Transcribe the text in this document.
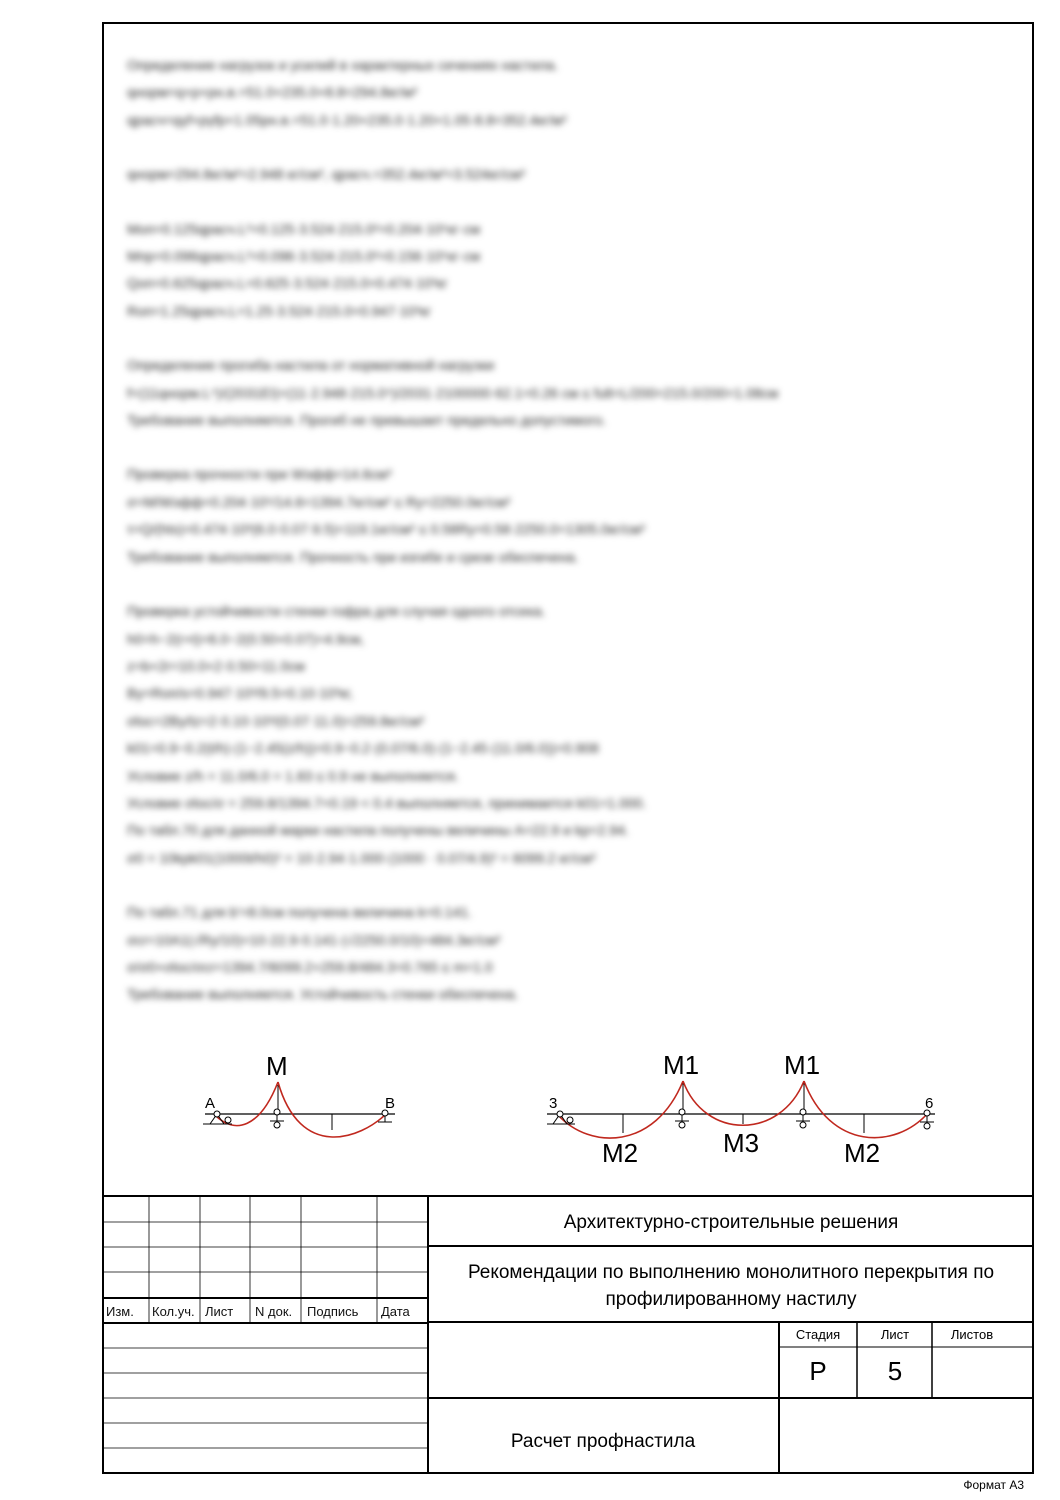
Определение нагрузок и усилий в характерных сечениях настила.
qнорм=q+p+pн.в.=51.0+235.0+8.8=294.8кг/м²
qрасч=qγf+pγfp+1.05pн.в.=51.0·1.20+235.0·1.20+1.05·8.8=352.4кг/м²
qнорм=294.8кг/м²=2.948 кг/см², qрасч.=352.4кг/м²=3.524кг/см²
Mоп=0.125qрасч.L²=0.125·3.524·215.0²=0.204·10⁵кг·см
Mпр=0.096qрасч.L²=0.096·3.524·215.0²=0.156·10⁵кг·см
Qоп=0.625qрасч.L=0.625·3.524·215.0=0.474·10³кг
Rоп=1.25qрасч.L=1.25·3.524·215.0=0.947·10³кг
Определение прогиба настила от нормативной нагрузки
f=(11qнорм.L⁴)/(2031EI)=(11·2.948·215.0⁴)/2031·2100000·62.1=0.26 см ≤ fult=L/200=215.0/200=1.08см
Требование выполняется. Прогиб не превышает предельно допустимого.
Проверка прочности при Wэфф=14.6см³
σ=M/Wэфф=0.204·10⁵/14.6=1394.7кг/см² ≤ Ry=2250.0кг/см²
τ=Q/(hts)=0.474·10³(6.0·0.07·9.5)=119.1кг/см² ≤ 0.58Ry=0.58·2250.0=1305.0кг/см²
Требование выполняется. Прочность при изгибе и срезе обеспечена.
Проверка устойчивости стенки гофра для случая одного отсека.
h0=h−2(r+t)=6.0−2(0.50+0.07)=4.9см,
z=b+2r=10.0+2·0.50=11.0см
By=Rоп/s=0.947·10³/9.5=0.10·10³кг,
σloc=2By/tz=2·0.10·10³/(0.07·11.0)=259.8кг/см²
k01=0.9−0.2(t/h)·(1−2.45(z/h))=0.9−0.2·(0.07/6.0)·(1−2.45·(11.0/6.0))=0.908
Условие z/h = 11.0/6.0 = 1.83 ≤ 0.9 не выполняется.
Условие σloc/σ = 259.8/1394.7=0.19 < 0.4 выполняется, принимается k01=1.000.
По табл.70 для данной марки настила получены величины A=22.9 и kp=2.94.
σ0 = 10kpk01(1000t/h0)² = 10·2.94·1.000·(1000 · 0.07/4.9)² = 6099.2 кг/см²
По табл.71 для b'=8.0см получена величина k=0.141.
σcr=10A1(√Ry/10)=10·22.9·0.141·(√2250.0/10)=484.3кг/см²
σ/σ0+σloc/σcr=1394.7/6099.2+259.8/484.3=0.765 ≤ m=1.0
Требование выполняется. Устойчивость стенки обеспечена.
M
A	B
M1	M1
M2	M3	M2
3	6
Изм. Кол.уч. Лист N док. Подпись Дата
Архитектурно-строительные решения
Рекомендации по выполнению монолитного перекрытия по профилированному настилу
Стадия	Лист	Листов
Р	5
Расчет профнастила
Формат А3
